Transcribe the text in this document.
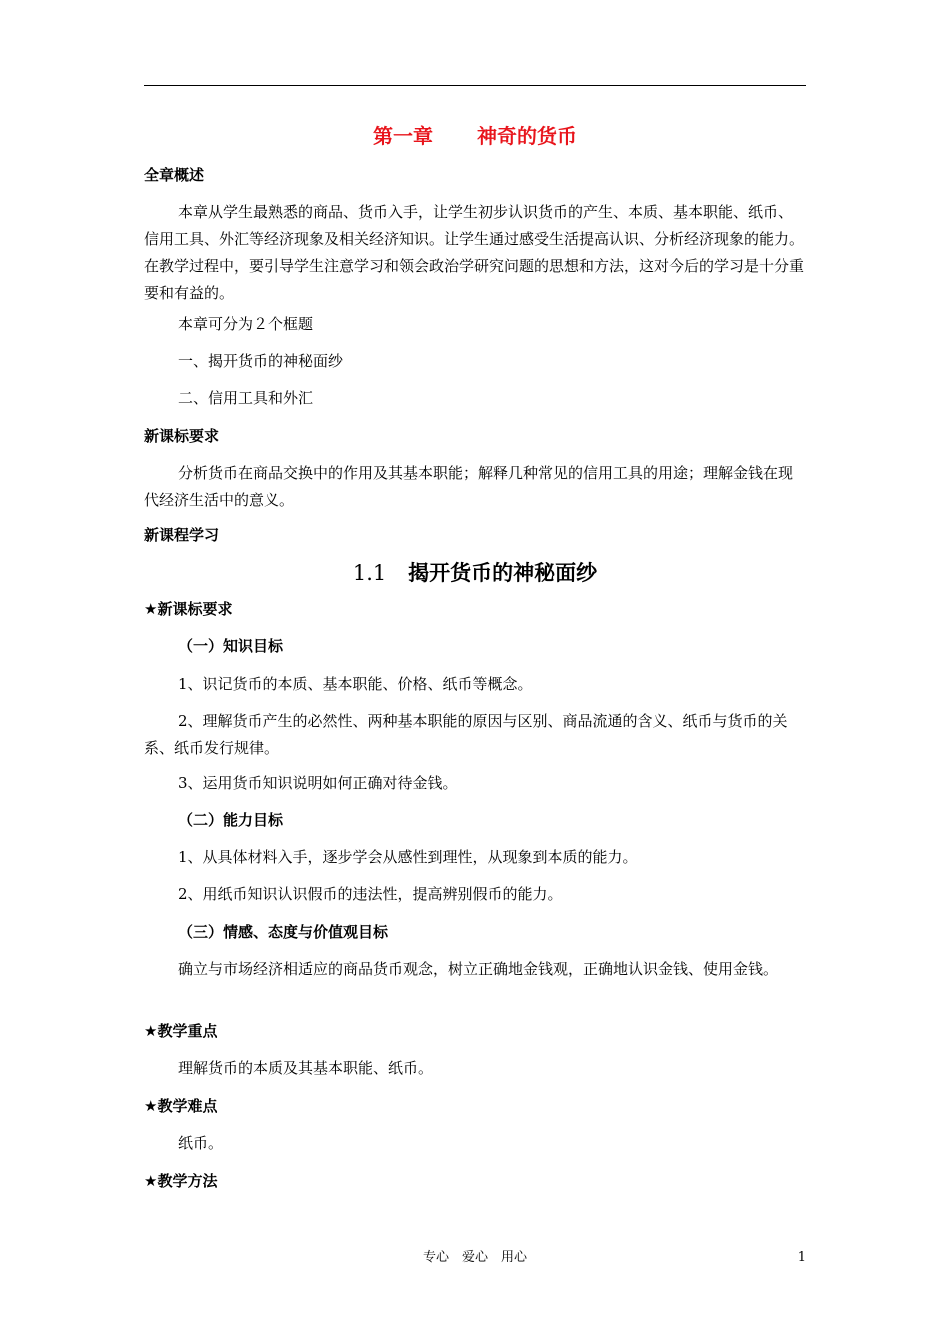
第一章 神奇的货币
全章概述
本章从学生最熟悉的商品、货币入手，让学生初步认识货币的产生、本质、基本职能、纸币、信用工具、外汇等经济现象及相关经济知识。让学生通过感受生活提高认识、分析经济现象的能力。在教学过程中，要引导学生注意学习和领会政治学研究问题的思想和方法，这对今后的学习是十分重要和有益的。
本章可分为２个框题
一、揭开货币的神秘面纱
二、信用工具和外汇
新课标要求
分析货币在商品交换中的作用及其基本职能；解释几种常见的信用工具的用途；理解金钱在现代经济生活中的意义。
新课程学习
1.1 揭开货币的神秘面纱
★新课标要求
（一）知识目标
1、识记货币的本质、基本职能、价格、纸币等概念。
2、理解货币产生的必然性、两种基本职能的原因与区别、商品流通的含义、纸币与货币的关系、纸币发行规律。
3、运用货币知识说明如何正确对待金钱。
（二）能力目标
1、从具体材料入手，逐步学会从感性到理性，从现象到本质的能力。
2、用纸币知识认识假币的违法性，提高辨别假币的能力。
（三）情感、态度与价值观目标
确立与市场经济相适应的商品货币观念，树立正确地金钱观，正确地认识金钱、使用金钱。
★教学重点
理解货币的本质及其基本职能、纸币。
★教学难点
纸币。
★教学方法
专心　爱心　用心	1
